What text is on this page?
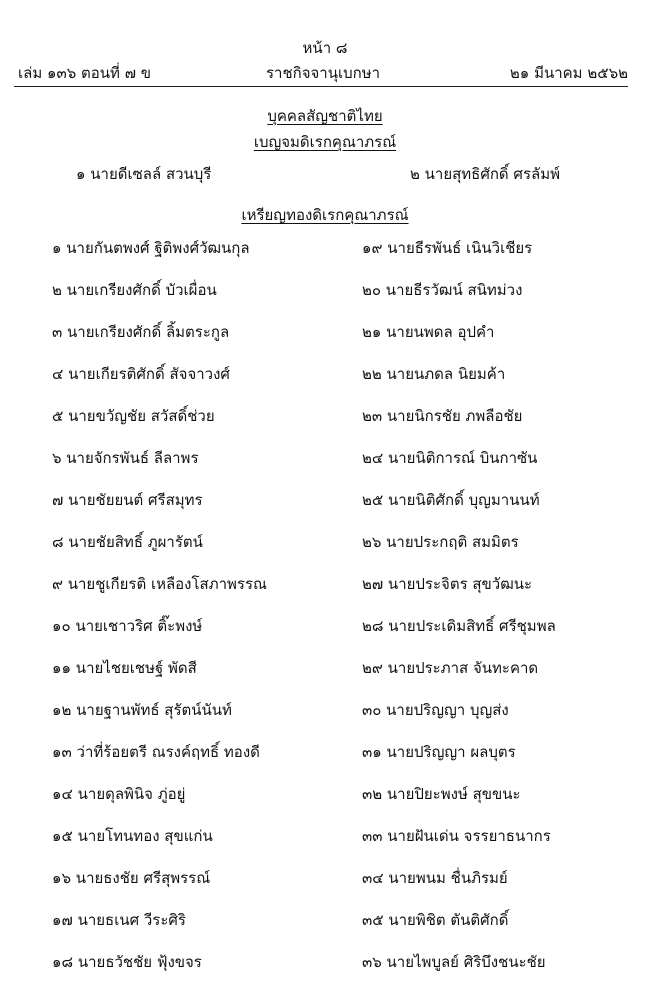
หน้า ๘
เล่ม ๑๓๖ ตอนที่ ๗ ข	ราชกิจจานุเบกษา	๒๑ มีนาคม ๒๕๖๒
บุคคลสัญชาติไทย
เบญจมดิเรกคุณาภรณ์
๑ นายดีเซลล์ สวนบุรี	๒ นายสุทธิศักดิ์ ศรลัมพ์
เหรียญทองดิเรกคุณาภรณ์
๑ นายกันตพงศ์ ฐิติพงศ์วัฒนกุล	๑๙ นายธีรพันธ์ เนินวิเชียร
๒ นายเกรียงศักดิ์ บัวเผื่อน	๒๐ นายธีรวัฒน์ สนิทม่วง
๓ นายเกรียงศักดิ์ ลิ้มตระกูล	๒๑ นายนพดล อุปคำ
๔ นายเกียรติศักดิ์ สัจจาวงศ์	๒๒ นายนภดล นิยมค้า
๕ นายขวัญชัย สวัสดิ์ช่วย	๒๓ นายนิกรชัย ภพลือชัย
๖ นายจักรพันธ์ ลีลาพร	๒๔ นายนิติการณ์ บินกาซัน
๗ นายชัยยนต์ ศรีสมุทร	๒๕ นายนิติศักดิ์ บุญมานนท์
๘ นายชัยสิทธิ์ ภูผารัตน์	๒๖ นายประกฤติ สมมิตร
๙ นายชูเกียรติ เหลืองโสภาพรรณ	๒๗ นายประจิตร สุขวัฒนะ
๑๐ นายเชาวริศ ติ๊ะพงษ์	๒๘ นายประเดิมสิทธิ์ ศรีชุมพล
๑๑ นายไชยเชษฐ์ พัดสี	๒๙ นายประภาส จันทะคาด
๑๒ นายฐานพัทธ์ สุรัตน์นันท์	๓๐ นายปริญญา บุญส่ง
๑๓ ว่าที่ร้อยตรี ณรงค์ฤทธิ์ ทองดี	๓๑ นายปริญญา ผลบุตร
๑๔ นายดุลพินิจ ภู่อยู่	๓๒ นายปิยะพงษ์ สุขขนะ
๑๕ นายโทนทอง สุขแก่น	๓๓ นายฝันเด่น จรรยาธนากร
๑๖ นายธงชัย ศรีสุพรรณ์	๓๔ นายพนม ชื่นภิรมย์
๑๗ นายธเนศ วีระศิริ	๓๕ นายพิชิต ตันติศักดิ์
๑๘ นายธวัชชัย ฟุ้งขจร	๓๖ นายไพบูลย์ ศิริบึงชนะชัย
